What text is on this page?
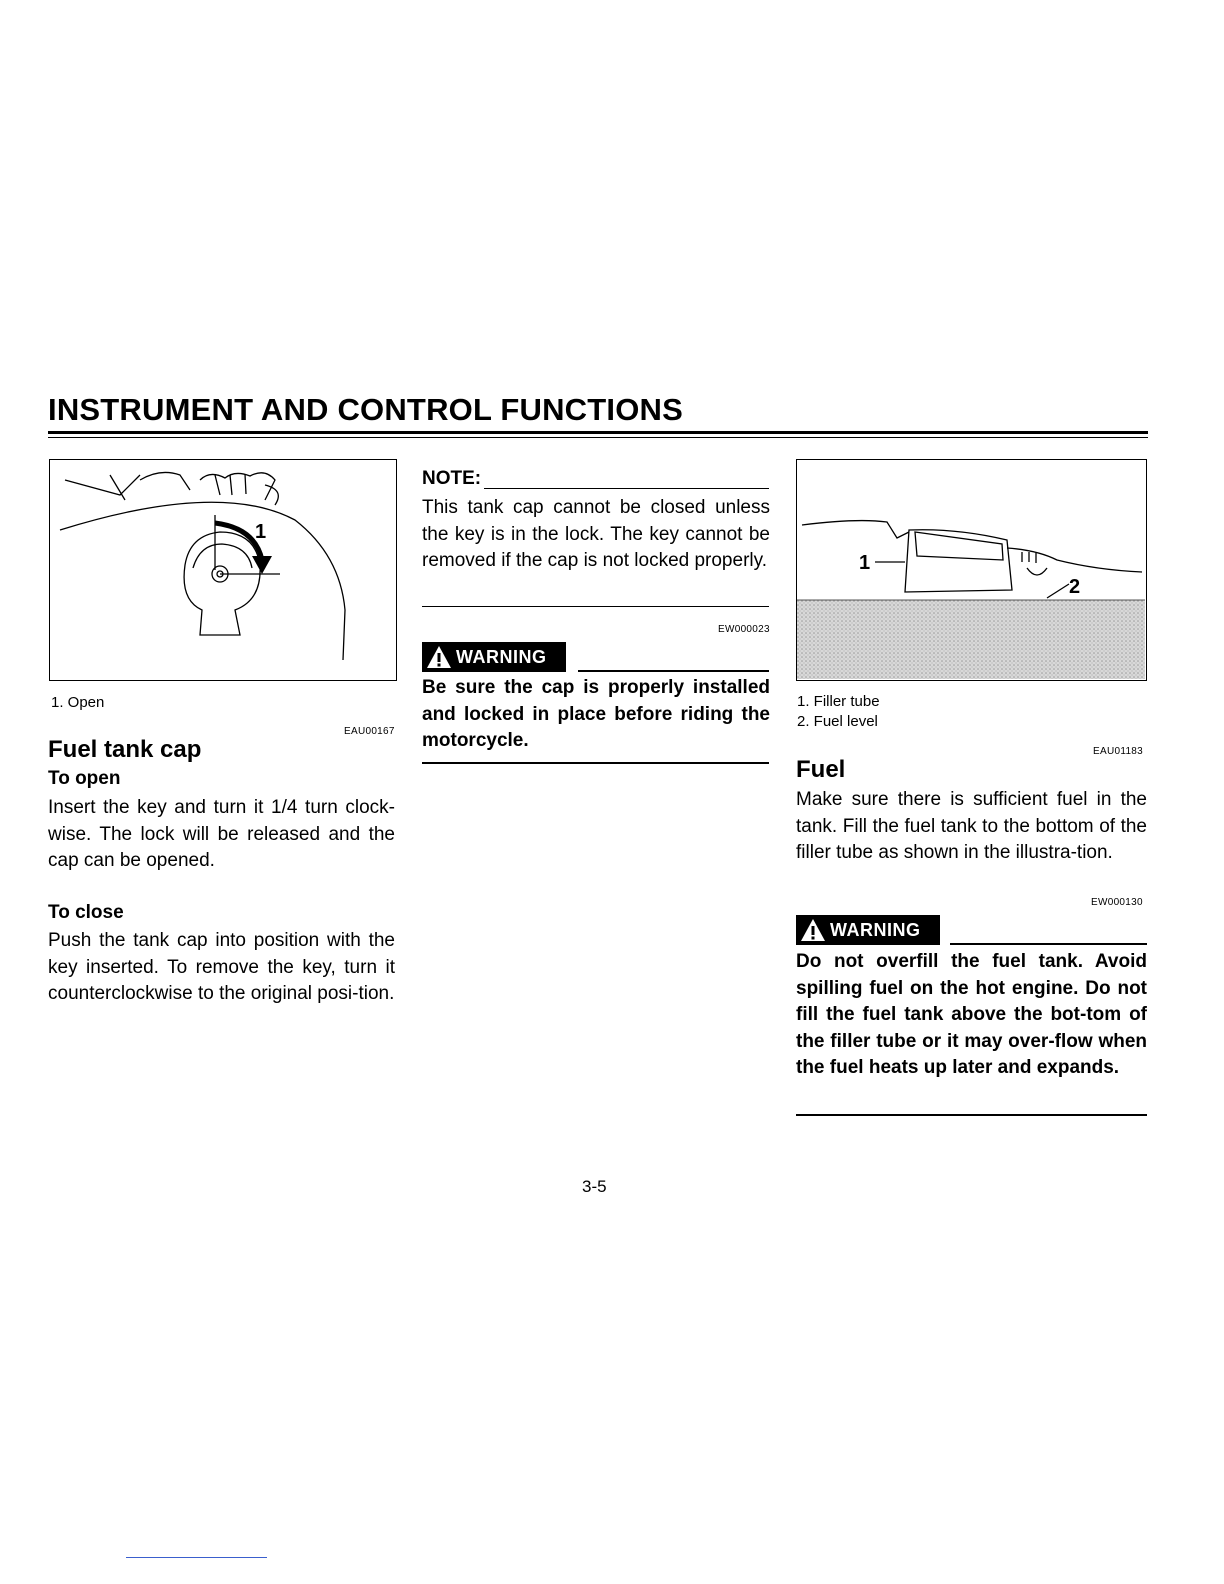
INSTRUMENT AND CONTROL FUNCTIONS
1
1. Open
EAU00167
Fuel tank cap
To open
Insert the key and turn it 1/4 turn clock-wise. The lock will be released and the cap can be opened.
To close
Push the tank cap into position with the key inserted. To remove the key, turn it counterclockwise to the original posi-tion.
NOTE:
This tank cap cannot be closed unless the key is in the lock. The key cannot be removed if the cap is not locked properly.
EW000023
WARNING
Be sure the cap is properly installed and locked in place before riding the motorcycle.
1
2
1. Filler tube
2. Fuel level
EAU01183
Fuel
Make sure there is sufficient fuel in the tank. Fill the fuel tank to the bottom of the filler tube as shown in the illustra-tion.
EW000130
WARNING
Do not overfill the fuel tank. Avoid spilling fuel on the hot engine. Do not fill the fuel tank above the bot-tom of the filler tube or it may over-flow when the fuel heats up later and expands.
3-5
